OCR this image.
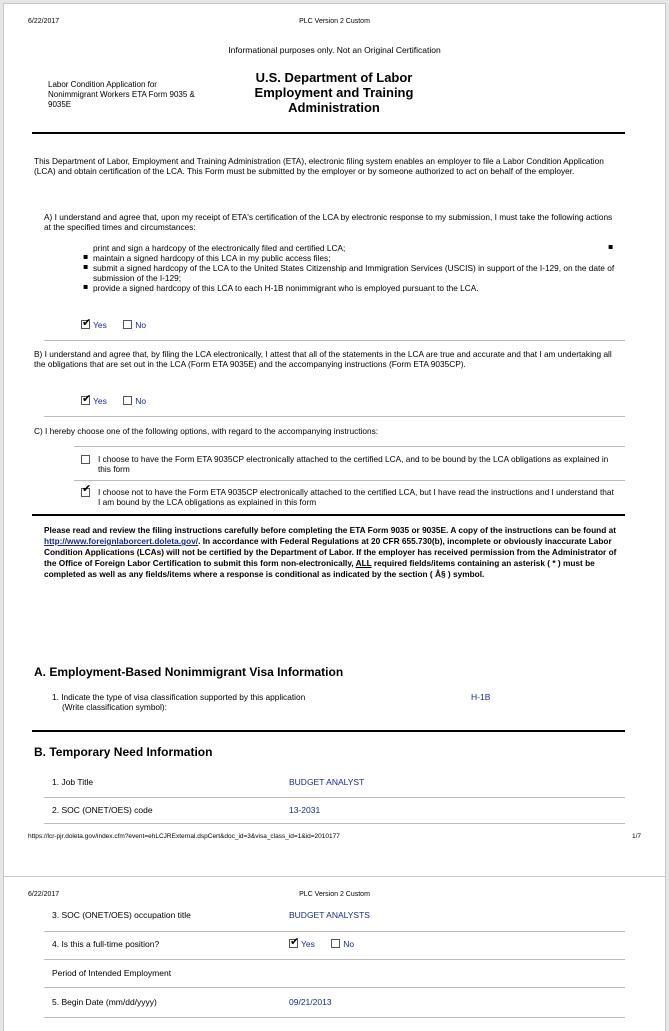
6/22/2017	PLC Version 2 Custom
Informational purposes only. Not an Original Certification
Labor Condition Application for Nonimmigrant Workers ETA Form 9035 & 9035E
U.S. Department of Labor
Employment and Training
Administration
This Department of Labor, Employment and Training Administration (ETA), electronic filing system enables an employer to file a Labor Condition Application (LCA) and obtain certification of the LCA. This Form must be submitted by the employer or by someone authorized to act on behalf of the employer.
A) I understand and agree that, upon my receipt of ETA's certification of the LCA by electronic response to my submission, I must take the following actions at the specified times and circumstances:
print and sign a hardcopy of the electronically filed and certified LCA;
▪ maintain a signed hardcopy of this LCA in my public access files;
▪ submit a signed hardcopy of the LCA to the United States Citizenship and Immigration Services (USCIS) in support of the I-129, on the date of submission of the I-129;
▪ provide a signed hardcopy of this LCA to each H-1B nonimmigrant who is employed pursuant to the LCA.
▪
✔Yes	No
B) I understand and agree that, by filing the LCA electronically, I attest that all of the statements in the LCA are true and accurate and that I am undertaking all the obligations that are set out in the LCA (Form ETA 9035E) and the accompanying instructions (Form ETA 9035CP).
✔Yes	No
C) I hereby choose one of the following options, with regard to the accompanying instructions:
I choose to have the Form ETA 9035CP electronically attached to the certified LCA, and to be bound by the LCA obligations as explained in this form
✔
I choose not to have the Form ETA 9035CP electronically attached to the certified LCA, but I have read the instructions and I understand that I am bound by the LCA obligations as explained in this form
Please read and review the filing instructions carefully before completing the ETA Form 9035 or 9035E. A copy of the instructions can be found at http://www.foreignlaborcert.doleta.gov/. In accordance with Federal Regulations at 20 CFR 655.730(b), incomplete or obviously inaccurate Labor Condition Applications (LCAs) will not be certified by the Department of Labor. If the employer has received permission from the Administrator of the Office of Foreign Labor Certification to submit this form non-electronically, ALL required fields/items containing an asterisk ( * ) must be completed as well as any fields/items where a response is conditional as indicated by the section ( Â§ ) symbol.
A. Employment-Based Nonimmigrant Visa Information
1. Indicate the type of visa classification supported by this application
(Write classification symbol):
H-1B
B. Temporary Need Information
1. Job Title	BUDGET ANALYST
2. SOC (ONET/OES) code	13-2031
https://lcr-pjr.doleta.gov/index.cfm?event=ehLCJRExternal.dspCert&doc_id=3&visa_class_id=1&id=2010177	1/7
6/22/2017	PLC Version 2 Custom
3. SOC (ONET/OES) occupation title	BUDGET ANALYSTS
4. Is this a full-time position?
✔	Yes	No
Period of Intended Employment
5. Begin Date (mm/dd/yyyy)	09/21/2013
